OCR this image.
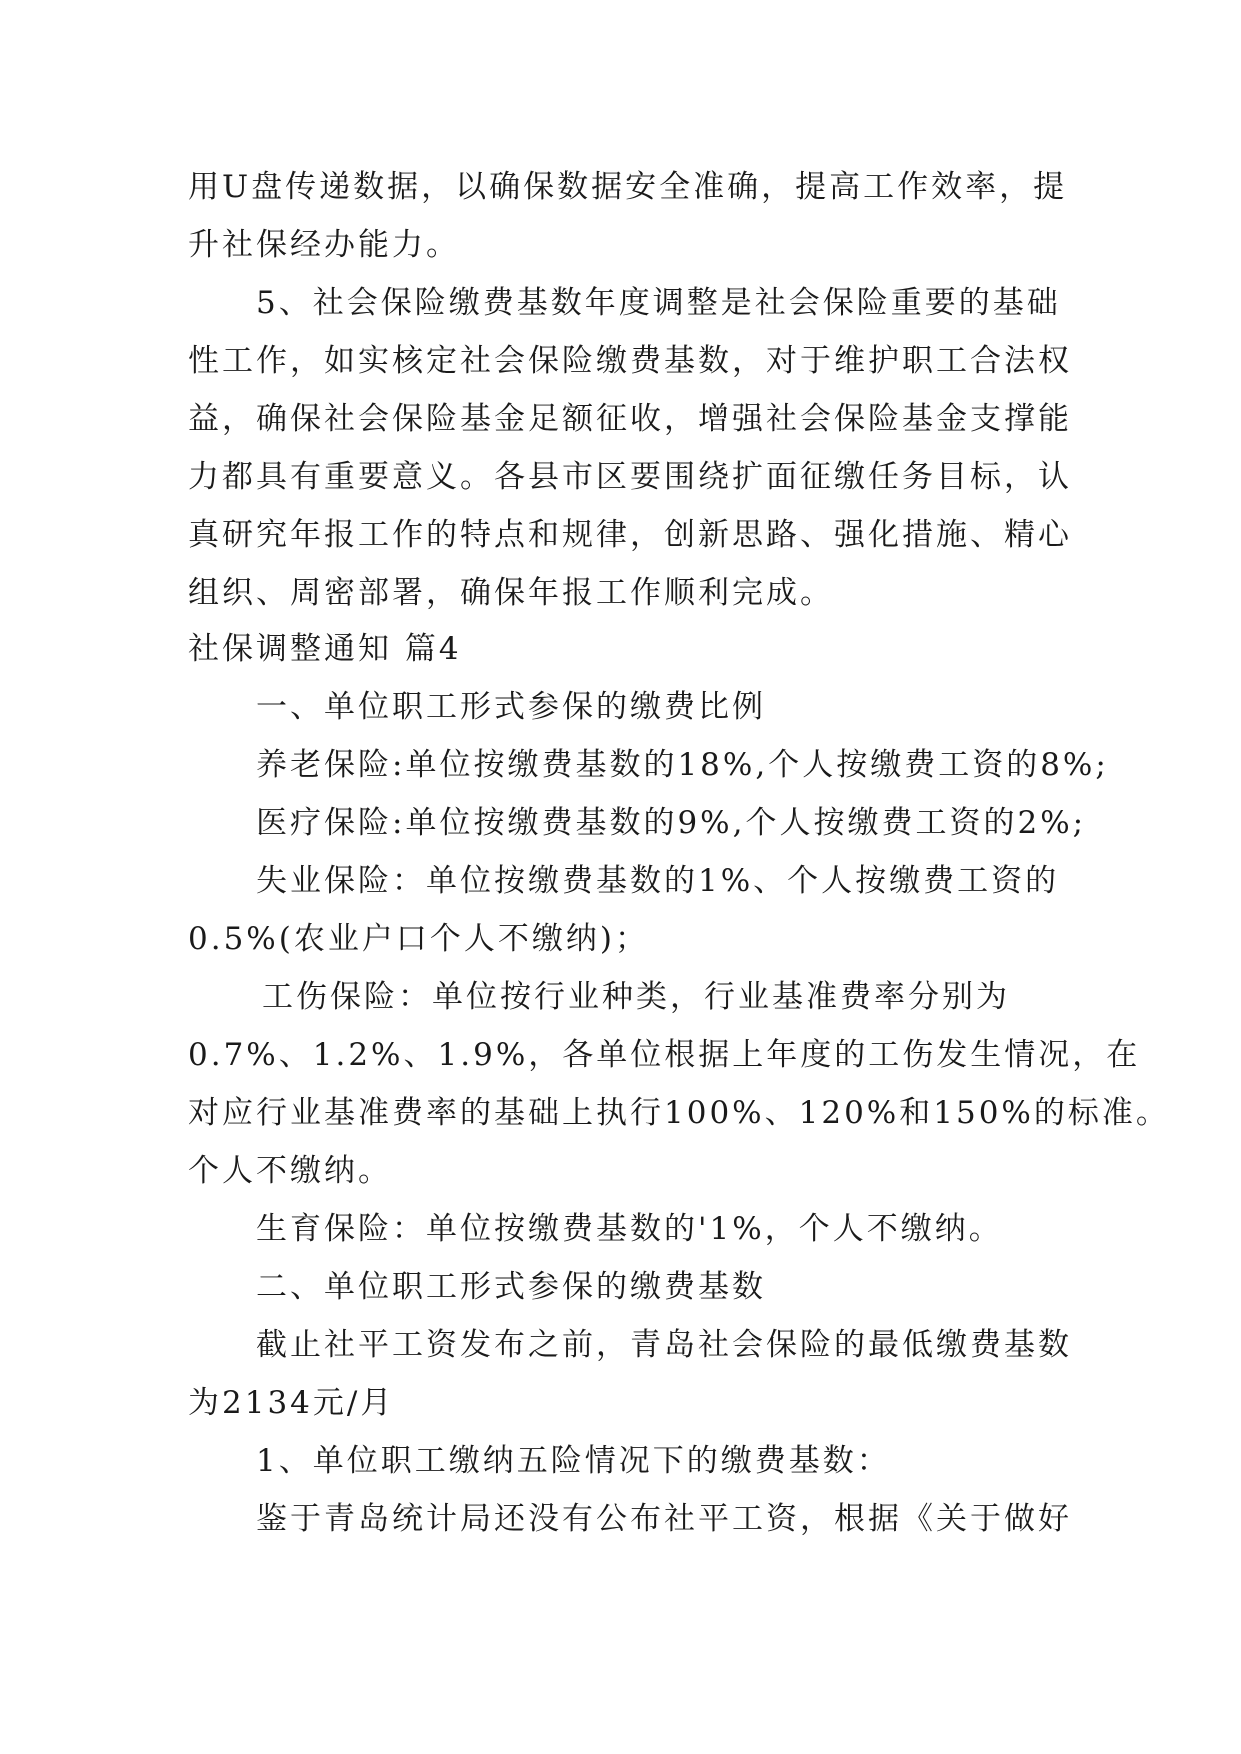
用U盘传递数据，以确保数据安全准确，提高工作效率，提
升社保经办能力。
5、社会保险缴费基数年度调整是社会保险重要的基础
性工作，如实核定社会保险缴费基数，对于维护职工合法权
益，确保社会保险基金足额征收，增强社会保险基金支撑能
力都具有重要意义。各县市区要围绕扩面征缴任务目标，认
真研究年报工作的特点和规律，创新思路、强化措施、精心
组织、周密部署，确保年报工作顺利完成。
社保调整通知 篇4
一、单位职工形式参保的缴费比例
养老保险:单位按缴费基数的18%,个人按缴费工资的8%;
医疗保险:单位按缴费基数的9%,个人按缴费工资的2%;
失业保险：单位按缴费基数的1%、个人按缴费工资的
0.5%(农业户口个人不缴纳)；
工伤保险：单位按行业种类，行业基准费率分别为
0.7%、1.2%、1.9%，各单位根据上年度的工伤发生情况，在
对应行业基准费率的基础上执行100%、120%和150%的标准。
个人不缴纳。
生育保险：单位按缴费基数的'1%，个人不缴纳。
二、单位职工形式参保的缴费基数
截止社平工资发布之前，青岛社会保险的最低缴费基数
为2134元/月
1、单位职工缴纳五险情况下的缴费基数：
鉴于青岛统计局还没有公布社平工资，根据《关于做好
